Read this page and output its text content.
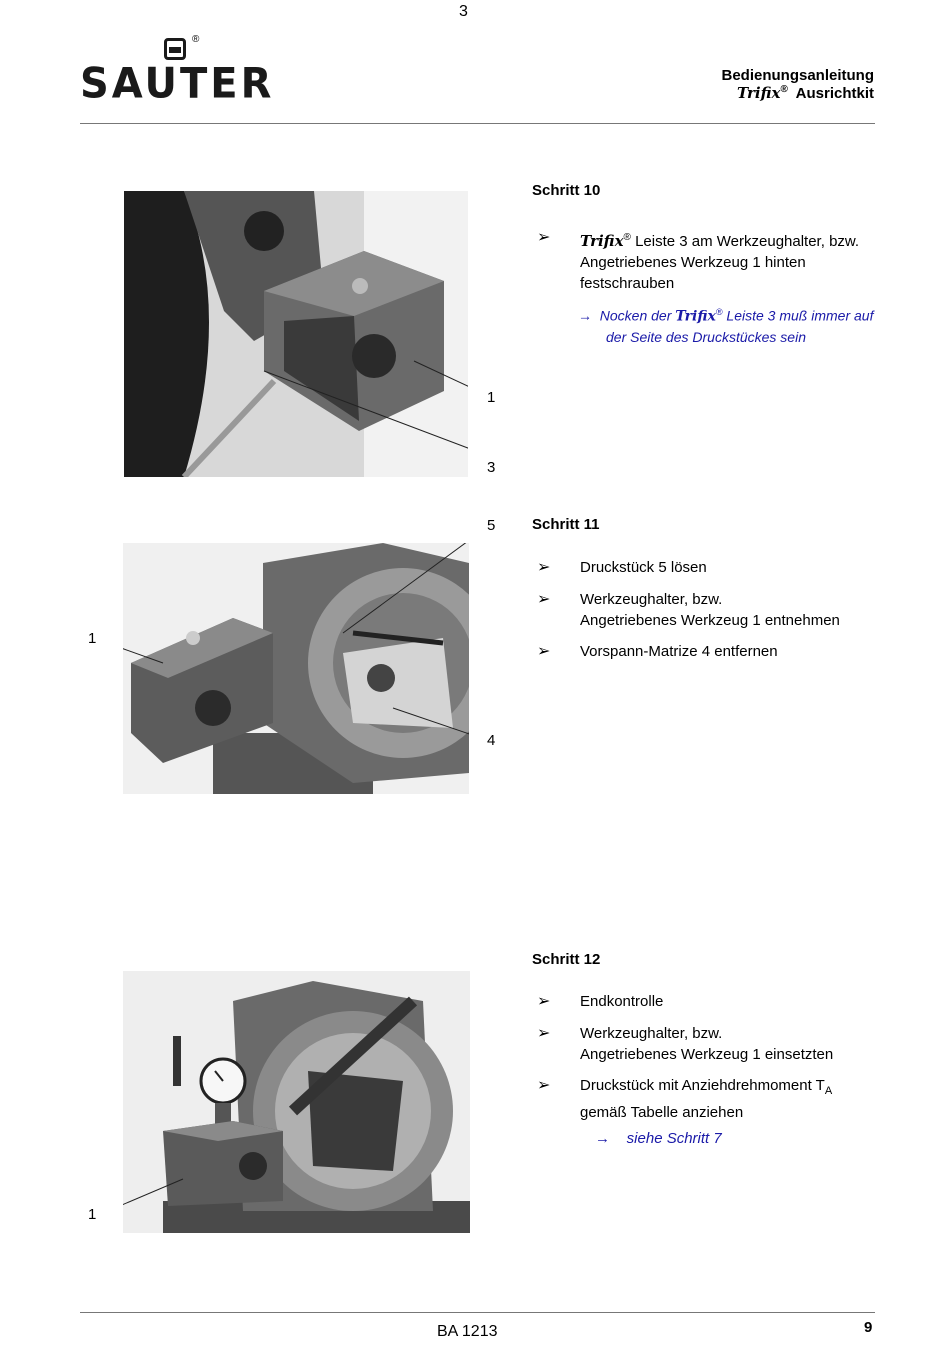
3
®
SAUTER	Bedienungsanleitung
Trifix® Ausrichtkit
1
3
Schritt 10
➢ Trifix® Leiste 3 am Werkzeughalter, bzw.
Angetriebenes Werkzeug 1 hinten
festschrauben
→ Nocken der Trifix® Leiste 3 muß immer auf
der Seite des Druckstückes sein
5
1
4
Schritt 11
➢ Druckstück 5 lösen
➢ Werkzeughalter, bzw.
Angetriebenes Werkzeug 1 entnehmen
➢ Vorspann-Matrize 4 entfernen
1
Schritt 12
➢ Endkontrolle
➢ Werkzeughalter, bzw.
Angetriebenes Werkzeug 1 einsetzten
➢ Druckstück mit Anziehdrehmoment $T_A$
gemäß Tabelle anziehen
→ siehe Schritt 7
BA 1213	9
